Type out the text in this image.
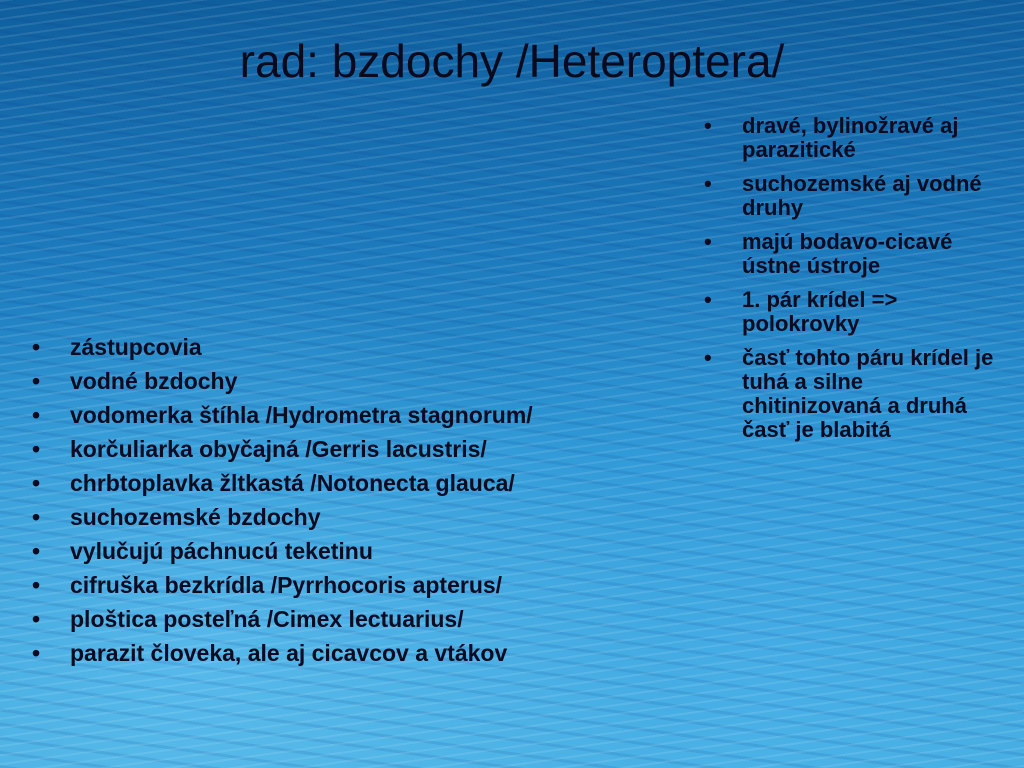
rad: bzdochy /Heteroptera/
• zástupcovia
• vodné bzdochy
• vodomerka štíhla /Hydrometra stagnorum/
• korčuliarka obyčajná /Gerris lacustris/
• chrbtoplavka žltkastá /Notonecta glauca/
• suchozemské bzdochy
• vylučujú páchnucú teketinu
• cifruška bezkrídla /Pyrrhocoris apterus/
• ploštica posteľná /Cimex lectuarius/
• parazit človeka, ale aj cicavcov a vtákov
• dravé, bylinožravé aj parazitické
• suchozemské aj vodné druhy
• majú bodavo-cicavé ústne ústroje
• 1. pár krídel => polokrovky
• časť tohto páru krídel je tuhá a silne chitinizovaná a druhá časť je blabitá
